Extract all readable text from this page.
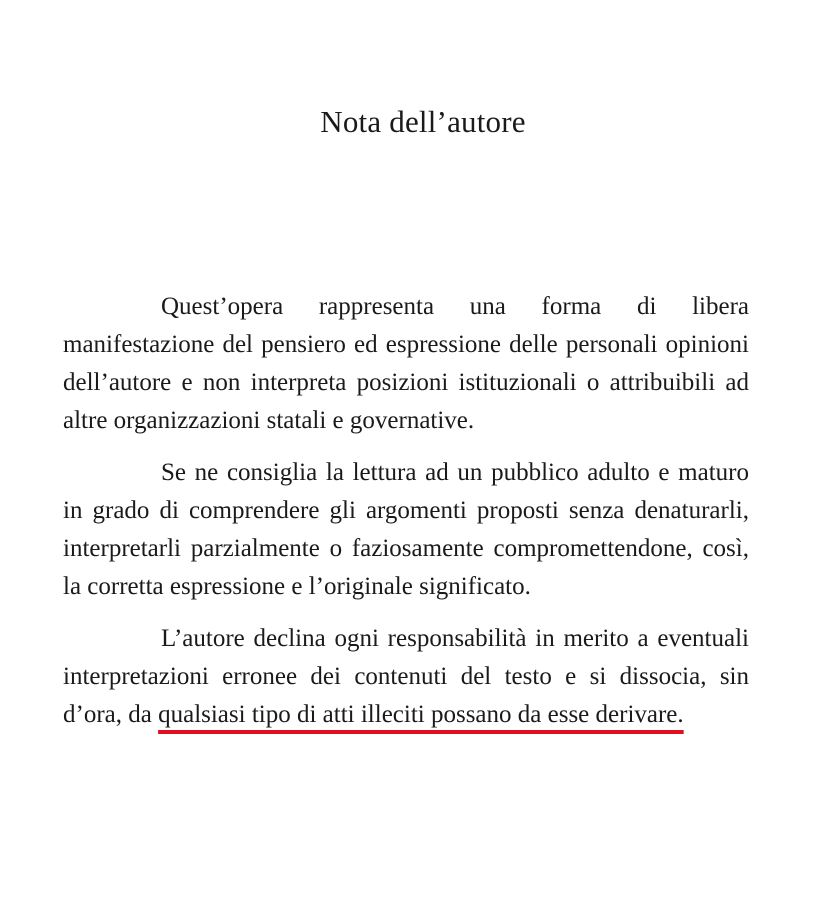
Nota dell’autore

Quest’opera rappresenta una forma di libera manifestazione del pensiero ed espressione delle personali opinioni dell’autore e non interpreta posizioni istituzionali o attribuibili ad altre organizzazioni statali e governative.

Se ne consiglia la lettura ad un pubblico adulto e maturo in grado di comprendere gli argomenti proposti senza denaturarli, interpretarli parzialmente o faziosamente compromettendone, così, la corretta espressione e l’originale significato.

L’autore declina ogni responsabilità in merito a eventuali interpretazioni erronee dei contenuti del testo e si dissocia, sin d’ora, da qualsiasi tipo di atti illeciti possano da esse derivare.
